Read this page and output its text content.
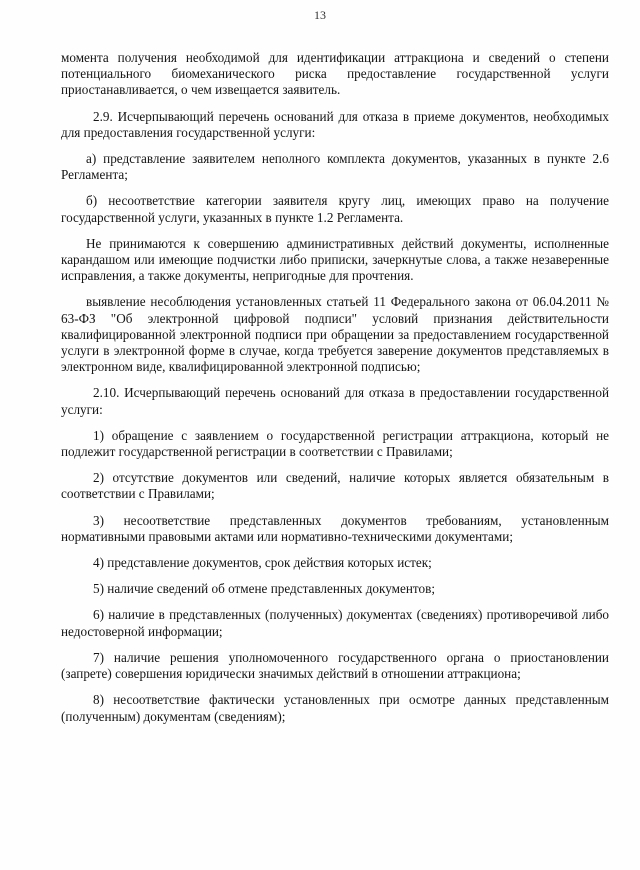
13

момента получения необходимой для идентификации аттракциона и сведений о степени потенциального биомеханического риска предоставление государственной услуги приостанавливается, о чем извещается заявитель.

2.9. Исчерпывающий перечень оснований для отказа в приеме документов, необходимых для предоставления государственной услуги:

а) представление заявителем неполного комплекта документов, указанных в пункте 2.6 Регламента;

б) несоответствие категории заявителя кругу лиц, имеющих право на получение государственной услуги, указанных в пункте 1.2 Регламента.

Не принимаются к совершению административных действий документы, исполненные карандашом или имеющие подчистки либо приписки, зачеркнутые слова, а также незаверенные исправления, а также документы, непригодные для прочтения.

выявление несоблюдения установленных статьей 11 Федерального закона от 06.04.2011 № 63-ФЗ "Об электронной цифровой подписи" условий признания действительности квалифицированной электронной подписи при обращении за предоставлением государственной услуги в электронной форме в случае, когда требуется заверение документов представляемых в электронном виде, квалифицированной электронной подписью;

2.10. Исчерпывающий перечень оснований для отказа в предоставлении государственной услуги:

1) обращение с заявлением о государственной регистрации аттракциона, который не подлежит государственной регистрации в соответствии с Правилами;

2) отсутствие документов или сведений, наличие которых является обязательным в соответствии с Правилами;

3) несоответствие представленных документов требованиям, установленным нормативными правовыми актами или нормативно-техническими документами;

4) представление документов, срок действия которых истек;

5) наличие сведений об отмене представленных документов;

6) наличие в представленных (полученных) документах (сведениях) противоречивой либо недостоверной информации;

7) наличие решения уполномоченного государственного органа о приостановлении (запрете) совершения юридически значимых действий в отношении аттракциона;

8) несоответствие фактически установленных при осмотре данных представленным (полученным) документам (сведениям);
